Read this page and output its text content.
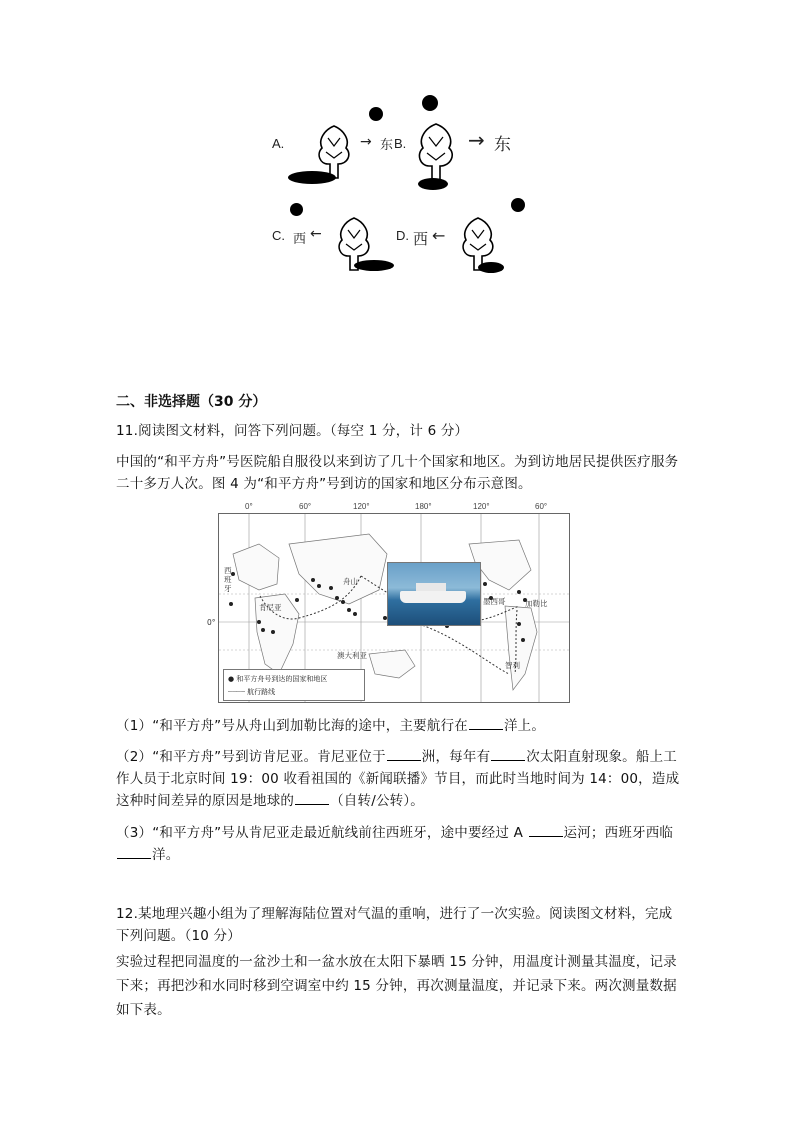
A.	→ 东 B.	→ 东
C. 西 ←	D. 西 ←
二、非选择题（30 分）
11.阅读图文材料，问答下列问题。（每空 1 分，计 6 分）
中国的“和平方舟”号医院船自服役以来到访了几十个国家和地区。为到访地居民提供医疗服务二十多万人次。图 4 为“和平方舟”号到访的国家和地区分布示意图。
0°	60°	120°	180°	120°	60°
0°
西班牙
肯尼亚
舟山
澳大利亚
加勒比
智利
墨西哥
● 和平方舟号到达的国家和地区
┈┈┈┈ 航行路线
（1）“和平方舟”号从舟山到加勒比海的途中，主要航行在	洋上。
（2）“和平方舟”号到访肯尼亚。肯尼亚位于	洲，每年有	次太阳直射现象。船上工作人员于北京时间 19：00 收看祖国的《新闻联播》节目，而此时当地时间为 14：00，造成这种时间差异的原因是地球的	（自转/公转）。
（3）“和平方舟”号从肯尼亚走最近航线前往西班牙，途中要经过 A	运河；西班牙西临洋。
12.某地理兴趣小组为了理解海陆位置对气温的重响，进行了一次实验。阅读图文材料，完成下列问题。（10 分）
实验过程把同温度的一盆沙土和一盆水放在太阳下暴晒 15 分钟，用温度计测量其温度，记录下来；再把沙和水同时移到空调室中约 15 分钟，再次测量温度，并记录下来。两次测量数据如下表。
